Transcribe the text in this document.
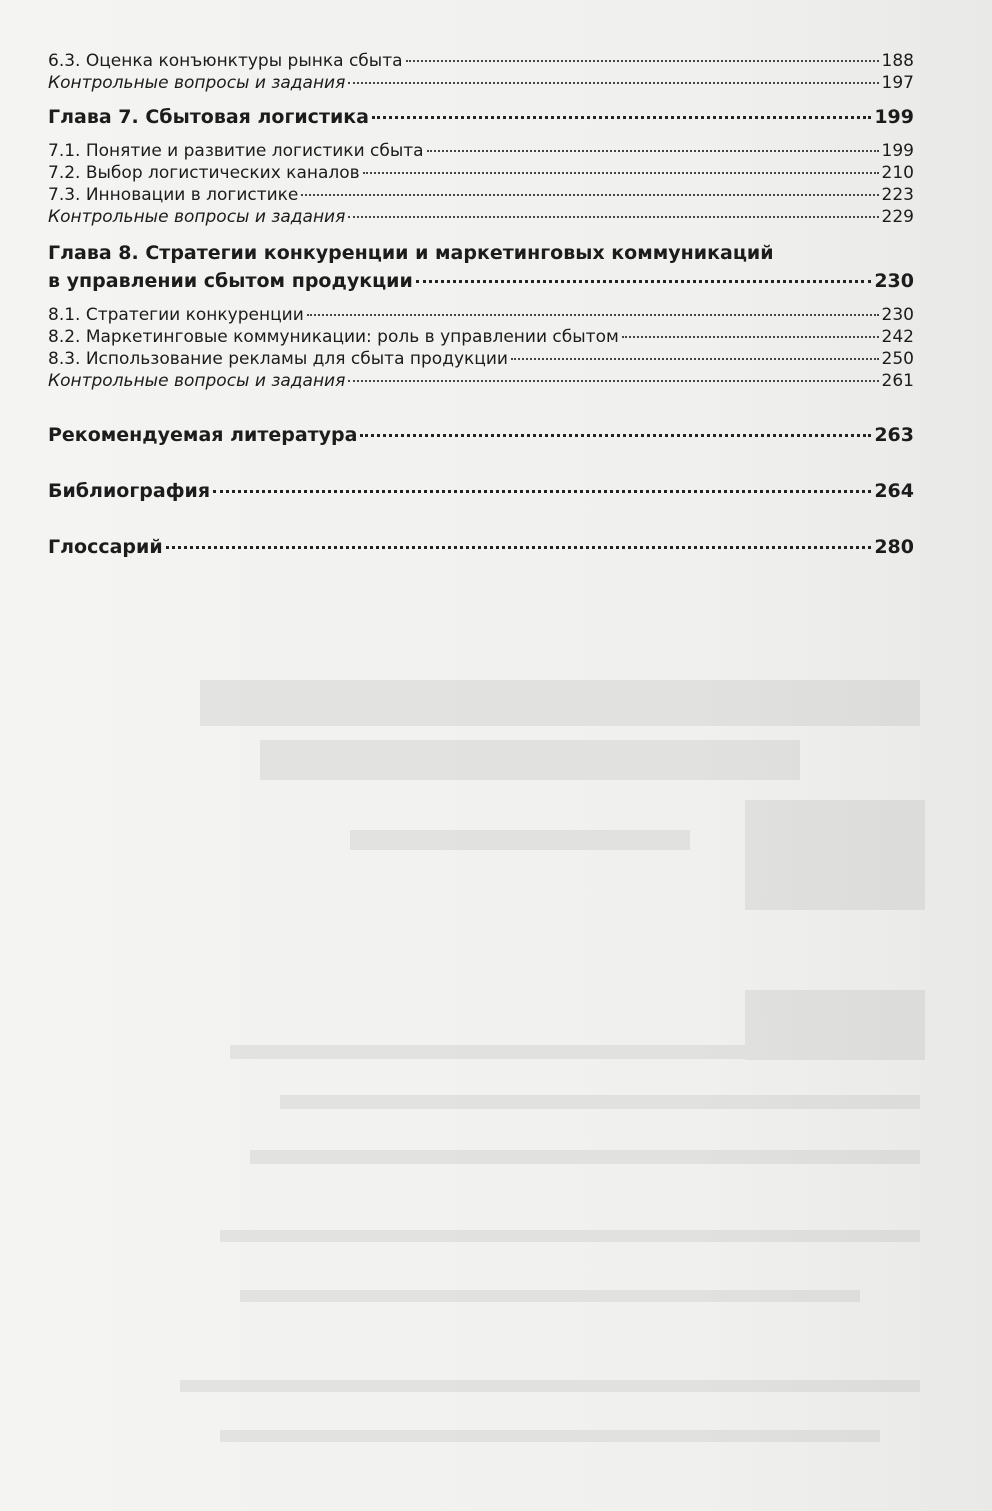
6.3. Оценка конъюнктуры рынка сбыта	188
Контрольные вопросы и задания	197
Глава 7. Сбытовая логистика	199
7.1. Понятие и развитие логистики сбыта	199
7.2. Выбор логистических каналов	210
7.3. Инновации в логистике	223
Контрольные вопросы и задания	229
Глава 8. Стратегии конкуренции и маркетинговых коммуникаций
в управлении сбытом продукции	230
8.1. Стратегии конкуренции	230
8.2. Маркетинговые коммуникации: роль в управлении сбытом	242
8.3. Использование рекламы для сбыта продукции	250
Контрольные вопросы и задания	261
Рекомендуемая литература	263
Библиография	264
Глоссарий	280
